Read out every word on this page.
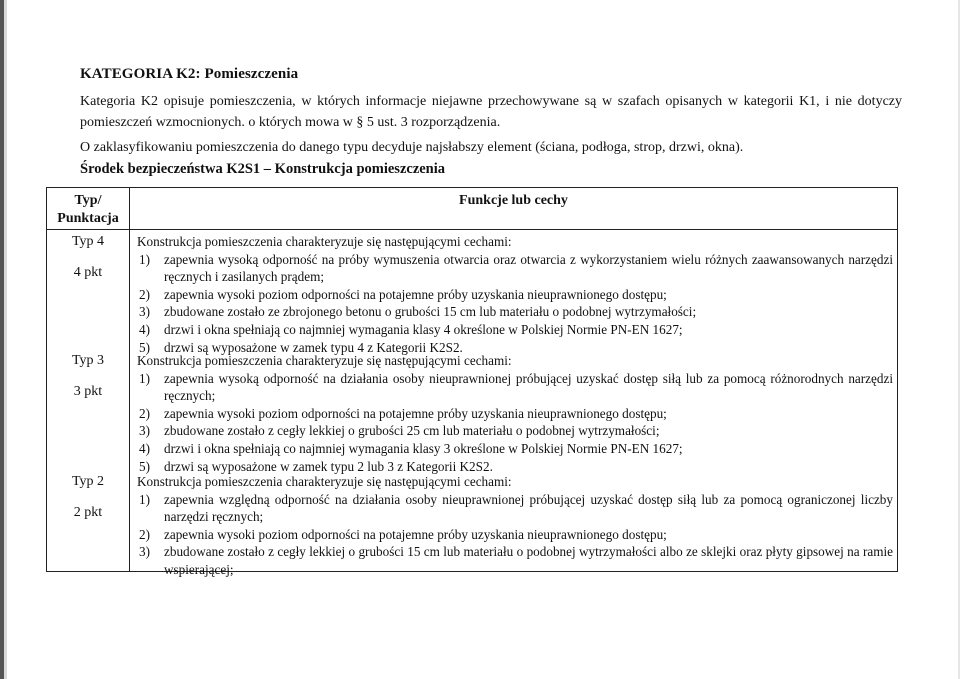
KATEGORIA K2: Pomieszczenia

Kategoria K2 opisuje pomieszczenia, w których informacje niejawne przechowywane są w szafach opisanych w kategorii K1, i nie dotyczy pomieszczeń wzmocnionych. o których mowa w § 5 ust. 3 rozporządzenia.

O zaklasyfikowaniu pomieszczenia do danego typu decyduje najsłabszy element (ściana, podłoga, strop, drzwi, okna).
Środek bezpieczeństwa K2S1 – Konstrukcja pomieszczenia
Typ/ Punktacja
Funkcje lub cechy
Typ 4
4 pkt
Konstrukcja pomieszczenia charakteryzuje się następującymi cechami:
1) zapewnia wysoką odporność na próby wymuszenia otwarcia oraz otwarcia z wykorzystaniem wielu różnych zaawansowanych narzędzi ręcznych i zasilanych prądem;
2) zapewnia wysoki poziom odporności na potajemne próby uzyskania nieuprawnionego dostępu;
3) zbudowane zostało ze zbrojonego betonu o grubości 15 cm lub materiału o podobnej wytrzymałości;
4) drzwi i okna spełniają co najmniej wymagania klasy 4 określone w Polskiej Normie PN-EN 1627;
5) drzwi są wyposażone w zamek typu 4 z Kategorii K2S2.
Typ 3
3 pkt
Konstrukcja pomieszczenia charakteryzuje się następującymi cechami:
1) zapewnia wysoką odporność na działania osoby nieuprawnionej próbującej uzyskać dostęp siłą lub za pomocą różnorodnych narzędzi ręcznych;
2) zapewnia wysoki poziom odporności na potajemne próby uzyskania nieuprawnionego dostępu;
3) zbudowane zostało z cegły lekkiej o grubości 25 cm lub materiału o podobnej wytrzymałości;
4) drzwi i okna spełniają co najmniej wymagania klasy 3 określone w Polskiej Normie PN-EN 1627;
5) drzwi są wyposażone w zamek typu 2 lub 3 z Kategorii K2S2.
Typ 2
2 pkt
Konstrukcja pomieszczenia charakteryzuje się następującymi cechami:
1) zapewnia względną odporność na działania osoby nieuprawnionej próbującej uzyskać dostęp siłą lub za pomocą ograniczonej liczby narzędzi ręcznych;
2) zapewnia wysoki poziom odporności na potajemne próby uzyskania nieuprawnionego dostępu;
3) zbudowane zostało z cegły lekkiej o grubości 15 cm lub materiału o podobnej wytrzymałości albo ze sklejki oraz płyty gipsowej na ramie wspierającej;
